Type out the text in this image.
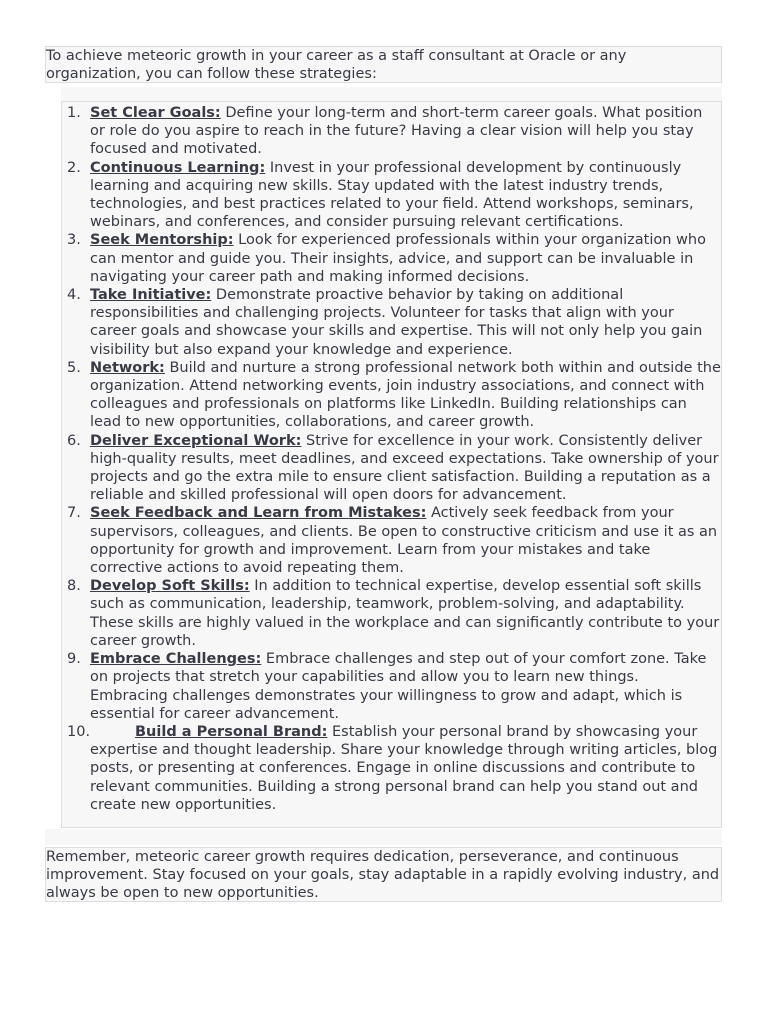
To achieve meteoric growth in your career as a staff consultant at Oracle or any organization, you can follow these strategies:

1. Set Clear Goals: Define your long-term and short-term career goals. What position or role do you aspire to reach in the future? Having a clear vision will help you stay focused and motivated.
2. Continuous Learning: Invest in your professional development by continuously learning and acquiring new skills. Stay updated with the latest industry trends, technologies, and best practices related to your field. Attend workshops, seminars, webinars, and conferences, and consider pursuing relevant certifications.
3. Seek Mentorship: Look for experienced professionals within your organization who can mentor and guide you. Their insights, advice, and support can be invaluable in navigating your career path and making informed decisions.
4. Take Initiative: Demonstrate proactive behavior by taking on additional responsibilities and challenging projects. Volunteer for tasks that align with your career goals and showcase your skills and expertise. This will not only help you gain visibility but also expand your knowledge and experience.
5. Network: Build and nurture a strong professional network both within and outside the organization. Attend networking events, join industry associations, and connect with colleagues and professionals on platforms like LinkedIn. Building relationships can lead to new opportunities, collaborations, and career growth.
6. Deliver Exceptional Work: Strive for excellence in your work. Consistently deliver high-quality results, meet deadlines, and exceed expectations. Take ownership of your projects and go the extra mile to ensure client satisfaction. Building a reputation as a reliable and skilled professional will open doors for advancement.
7. Seek Feedback and Learn from Mistakes: Actively seek feedback from your supervisors, colleagues, and clients. Be open to constructive criticism and use it as an opportunity for growth and improvement. Learn from your mistakes and take corrective actions to avoid repeating them.
8. Develop Soft Skills: In addition to technical expertise, develop essential soft skills such as communication, leadership, teamwork, problem-solving, and adaptability. These skills are highly valued in the workplace and can significantly contribute to your career growth.
9. Embrace Challenges: Embrace challenges and step out of your comfort zone. Take on projects that stretch your capabilities and allow you to learn new things. Embracing challenges demonstrates your willingness to grow and adapt, which is essential for career advancement.
10.	Build a Personal Brand: Establish your personal brand by showcasing your expertise and thought leadership. Share your knowledge through writing articles, blog posts, or presenting at conferences. Engage in online discussions and contribute to relevant communities. Building a strong personal brand can help you stand out and create new opportunities.

Remember, meteoric career growth requires dedication, perseverance, and continuous improvement. Stay focused on your goals, stay adaptable in a rapidly evolving industry, and always be open to new opportunities.
